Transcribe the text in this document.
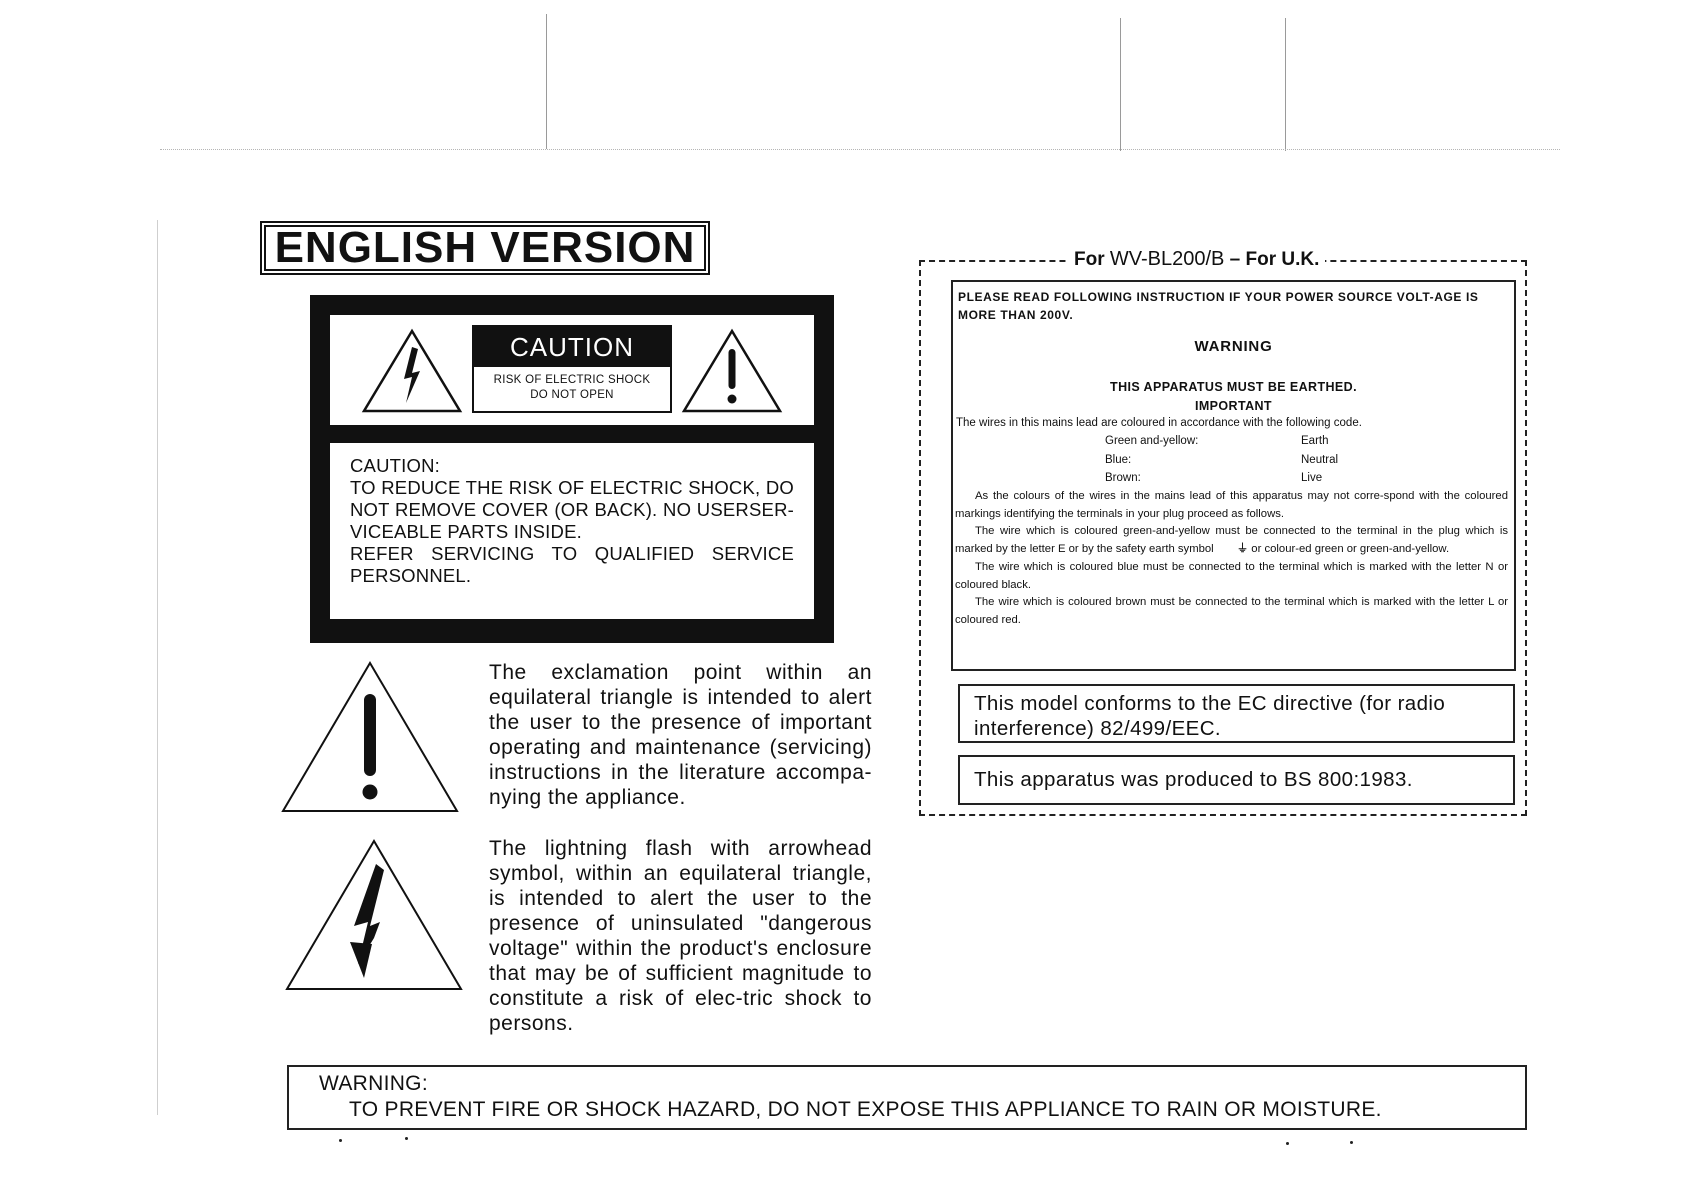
ENGLISH VERSION
CAUTION
RISK OF ELECTRIC SHOCK
DO NOT OPEN
CAUTION:
TO REDUCE THE RISK OF ELECTRIC SHOCK, DO
NOT REMOVE COVER (OR BACK). NO USERSER-
VICEABLE PARTS INSIDE.
REFER SERVICING TO QUALIFIED SERVICE
PERSONNEL.
The exclamation point within an equilateral triangle is intended to alert the user to the presence of important operating and maintenance (servicing) instructions in the literature accompa-nying the appliance.
The lightning flash with arrowhead symbol, within an equilateral triangle, is intended to alert the user to the presence of uninsulated "dangerous voltage" within the product's enclosure that may be of sufficient magnitude to constitute a risk of elec-tric shock to persons.
For WV-BL200/B – For U.K.

PLEASE READ FOLLOWING INSTRUCTION IF YOUR POWER SOURCE VOLT-AGE IS MORE THAN 200V.

WARNING
THIS APPARATUS MUST BE EARTHED.
IMPORTANT
The wires in this mains lead are coloured in accordance with the following code.
Green and-yellow:	Earth
Blue:	Neutral
Brown:	Live

As the colours of the wires in the mains lead of this apparatus may not corre-spond with the coloured markings identifying the terminals in your plug proceed as follows.

The wire which is coloured green-and-yellow must be connected to the terminal in the plug which is marked by the letter E or by the safety earth symbol ⏚ or colour-ed green or green-and-yellow.

The wire which is coloured blue must be connected to the terminal which is marked with the letter N or coloured black.

The wire which is coloured brown must be connected to the terminal which is marked with the letter L or coloured red.

This model conforms to the EC directive (for radio interference) 82/499/EEC.
This apparatus was produced to BS 800:1983.
WARNING:
TO PREVENT FIRE OR SHOCK HAZARD, DO NOT EXPOSE THIS APPLIANCE TO RAIN OR MOISTURE.
